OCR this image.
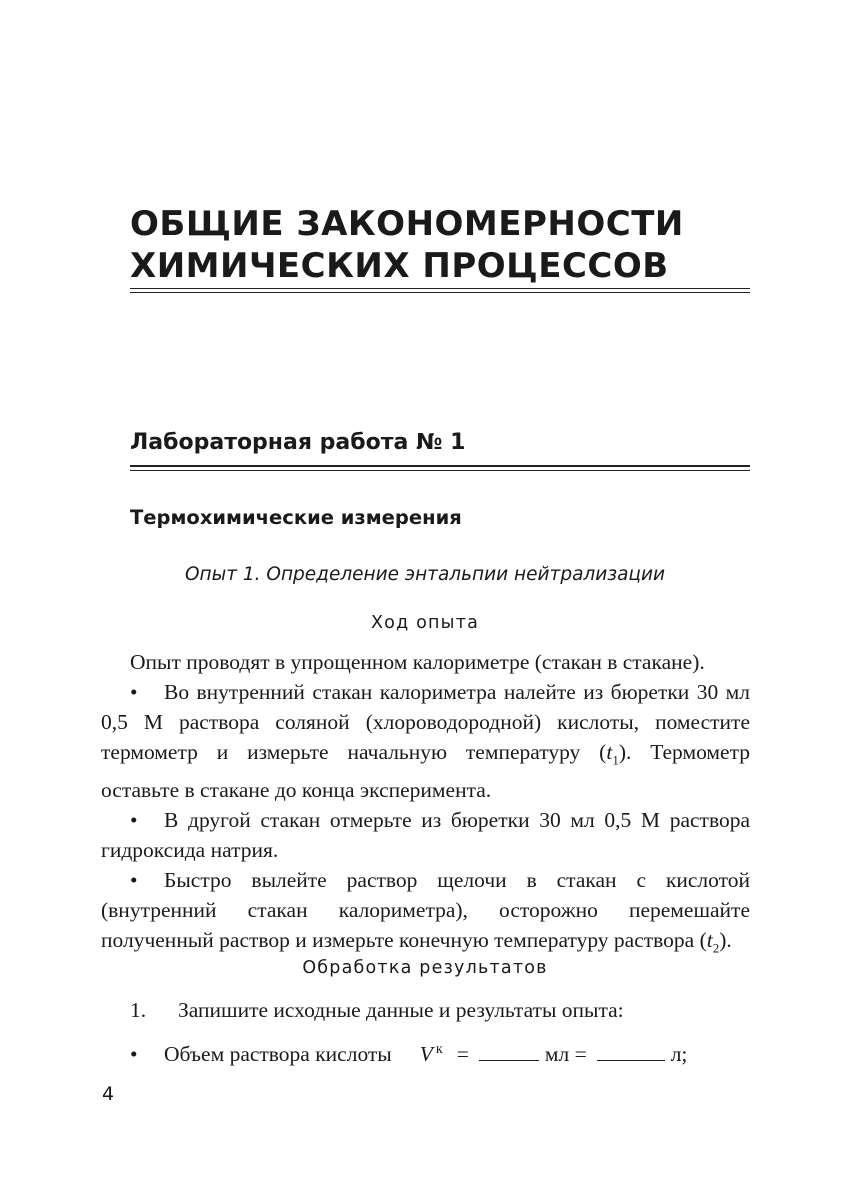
ОБЩИЕ ЗАКОНОМЕРНОСТИ
ХИМИЧЕСКИХ ПРОЦЕССОВ
Лабораторная работа № 1
Термохимические измерения
Опыт 1. Определение энтальпии нейтрализации
Ход опыта

Опыт проводят в упрощенном калориметре (стакан в стакане).

• Во внутренний стакан калориметра налейте из бюретки 30 мл 0,5 М раствора соляной (хлороводородной) кислоты, поместите термометр и измерьте начальную температуру $(t_1)$. Термометр оставьте в стакане до конца эксперимента.

• В другой стакан отмерьте из бюретки 30 мл 0,5 М раствора гидроксида натрия.

• Быстро вылейте раствор щелочи в стакан с кислотой (внутренний стакан калориметра), осторожно перемешайте полученный раствор и измерьте конечную температуру раствора $(t_2)$.

Обработка результатов
1.	Запишите исходные данные и результаты опыта:
•	Объем раствора кислоты V $^к$ =	мл =	л;
4
